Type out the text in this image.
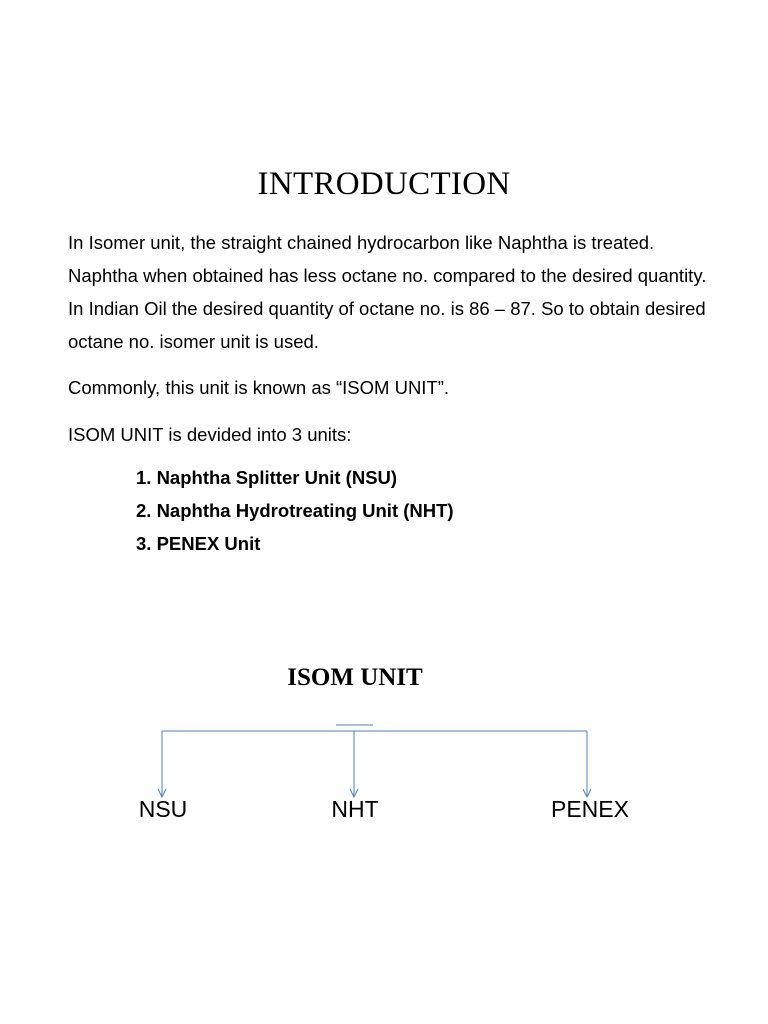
INTRODUCTION

In Isomer unit, the straight chained hydrocarbon like Naphtha is treated. Naphtha when obtained has less octane no. compared to the desired quantity. In Indian Oil the desired quantity of octane no. is 86 – 87. So to obtain desired octane no. isomer unit is used.

Commonly, this unit is known as “ISOM UNIT”.

ISOM UNIT is devided into 3 units:

1. Naphtha Splitter Unit (NSU)
2. Naphtha Hydrotreating Unit (NHT)
3. PENEX Unit
ISOM UNIT
NSU	NHT	PENEX
